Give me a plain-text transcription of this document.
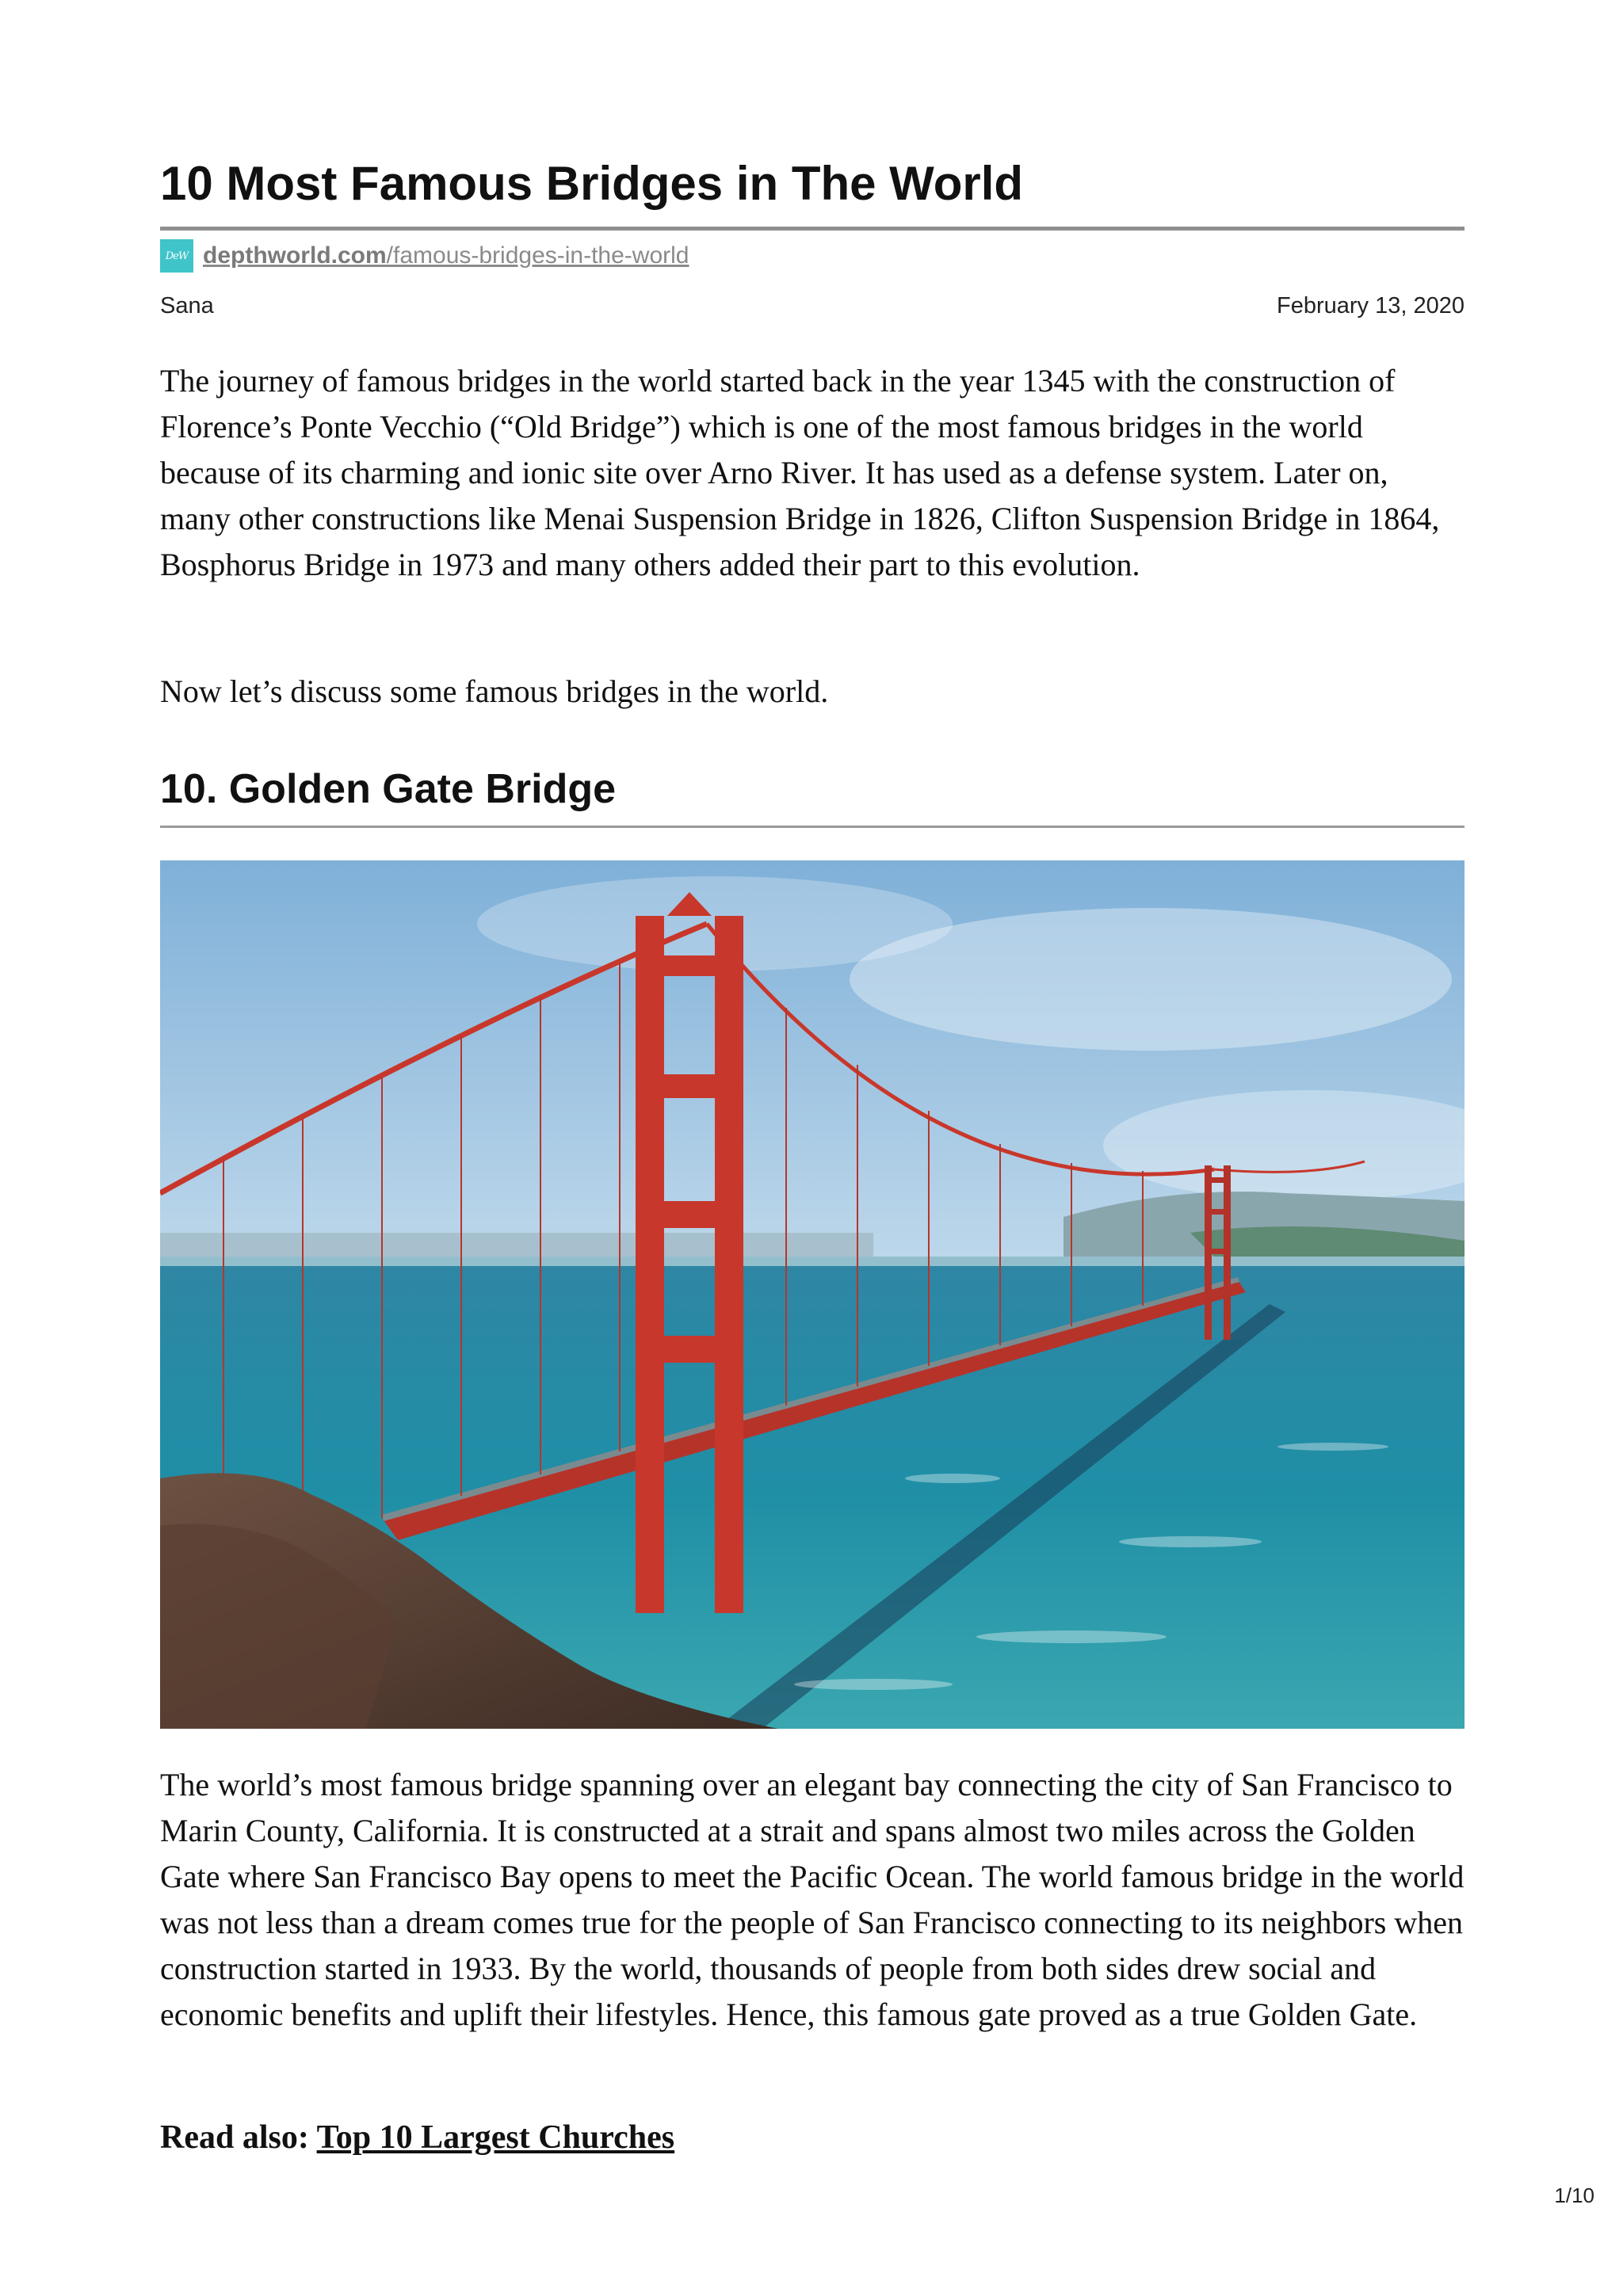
10 Most Famous Bridges in The World
DeW depthworld.com/famous-bridges-in-the-world
Sana	February 13, 2020

The journey of famous bridges in the world started back in the year 1345 with the construction of Florence’s Ponte Vecchio (“Old Bridge”) which is one of the most famous bridges in the world because of its charming and ionic site over Arno River. It has used as a defense system. Later on, many other constructions like Menai Suspension Bridge in 1826, Clifton Suspension Bridge in 1864, Bosphorus Bridge in 1973 and many others added their part to this evolution.

Now let’s discuss some famous bridges in the world.

10. Golden Gate Bridge

The world’s most famous bridge spanning over an elegant bay connecting the city of San Francisco to Marin County, California. It is constructed at a strait and spans almost two miles across the Golden Gate where San Francisco Bay opens to meet the Pacific Ocean. The world famous bridge in the world was not less than a dream comes true for the people of San Francisco connecting to its neighbors when construction started in 1933. By the world, thousands of people from both sides drew social and economic benefits and uplift their lifestyles. Hence, this famous gate proved as a true Golden Gate.

Read also: Top 10 Largest Churches
1/10
